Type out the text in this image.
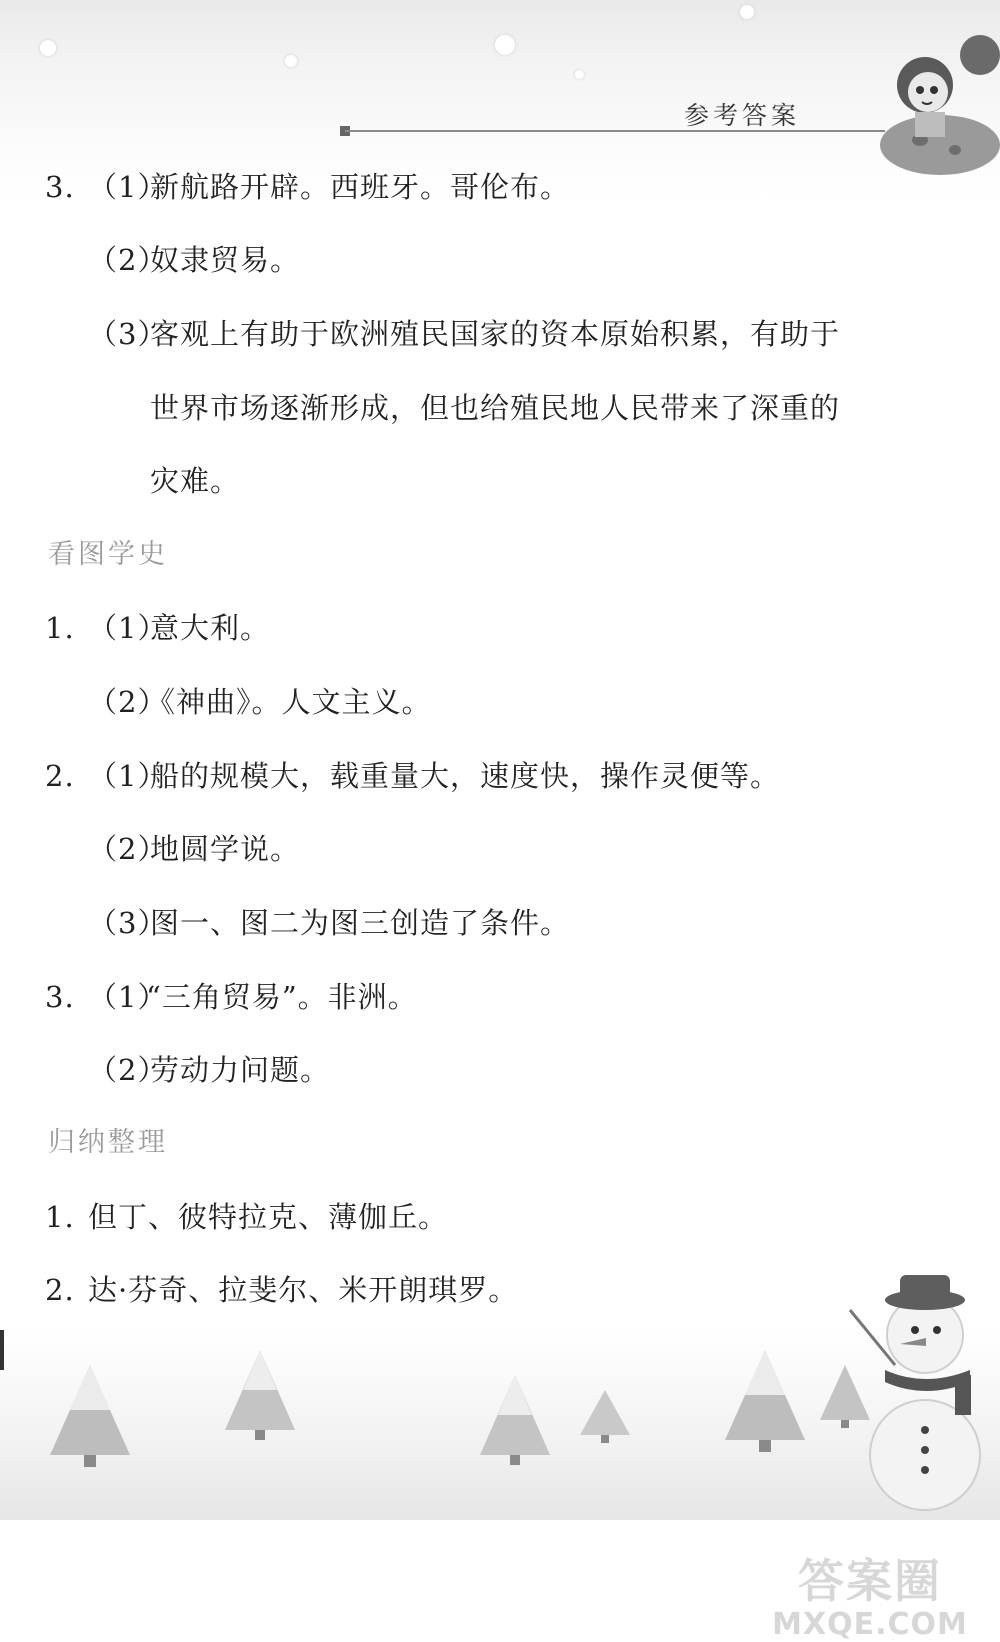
参考答案
3. （1）新航路开辟。西班牙。哥伦布。
（2）奴隶贸易。
（3）客观上有助于欧洲殖民国家的资本原始积累，有助于
世界市场逐渐形成，但也给殖民地人民带来了深重的
灾难。
看图学史
1. （1）意大利。
（2）《神曲》。人文主义。
2. （1）船的规模大，载重量大，速度快，操作灵便等。
（2）地圆学说。
（3）图一、图二为图三创造了条件。
3. （1）“三角贸易”。非洲。
（2）劳动力问题。
归纳整理
1. 但丁、彼特拉克、薄伽丘。
2. 达·芬奇、拉斐尔、米开朗琪罗。
答案圈
MXQE.COM
